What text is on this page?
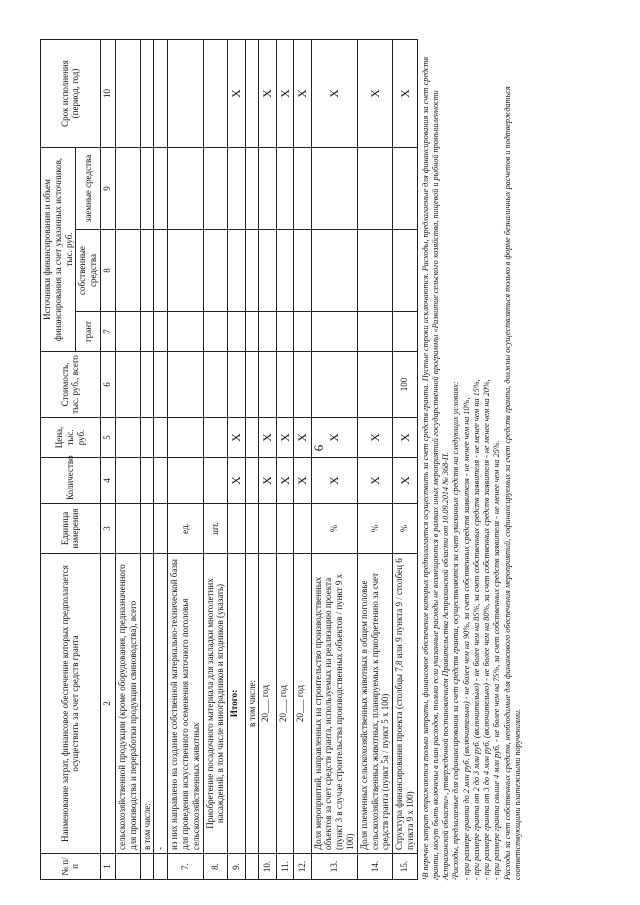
6
№ п/п	Наименование затрат, финансовое обеспечение которых предполагается осуществить за счет средств гранта	Единица измерения	Количество	Цена, тыс. руб.	Стоимость, тыс. руб., всего	Источники финансирования и объем финансирования за счет указанных источников, тыс. руб.			Срок исполнения (период, год)
						грант	собственные средства	заемные средства	
1	2	3	4	5	6	7	8	9	10
	сельскохозяйственной продукции (кроме оборудования, предназначенного для производства и переработки продукции свиноводства), всего								
	в том числе:								
	-								
7.	из них направлено на создание собственной материально-технической базы для проведения искусственного осеменения маточного поголовья сельскохозяйственных животных	ед.							
8.	Приобретение посадочного материала для закладки многолетних насаждений, в том числе виноградников и ягодников (указать)	шт.							
9.	Итого:		X	X					X
	в том числе:								
10.	20___ год		X	X					X
11.	20___ год		X	X					X
12.	20___ год		X	X					X
13.	Доля мероприятий, направленных на строительство производственных объектов за счет средств гранта, используемых на реализацию проекта (пункт 3 в случае строительства производственных объектов / пункт 9 x 100)	%	X	X					X
14.	Доля племенных сельскохозяйственных животных в общем поголовье сельскохозяйственных животных, планируемых к приобретению за счет средств гранта (пункт 5а / пункт 5 x 100)	%	X	X					X
15.	Структура финансирования проекта (столбцы 7,8 или 9 пункта 9 / столбец 6 пункта 9 x 100)	%	X	X	100				X ¹В перечне затрат отражаются только затраты, финансовое обеспечение которых предполагается осуществить за счет средств гранта. Пустые строки исключаются. Расходы, предлагаемые для финансирования за счет средств гранта, могут быть включены в план расходов, только если указанные расходы не возмещаются в рамках иных мероприятий государственной программы «Развитие сельского хозяйства, пищевой и рыбной промышленности Астраханской области», утвержденной постановлением Правительства Астраханской области от 10.09.2014 № 368-П. ²Расходы, предлагаемые для софинансирования за счет средств гранта, осуществляются за счет указанных средств на следующих условиях: - при размере гранта до 2 млн руб. (включительно) - не более чем на 90%, за счет собственных средств заявителя - не менее чем на 10%, - при размере гранта от 2 до 3 млн руб. (включительно) - не более чем на 85%, за счет собственных средств заявителя - не менее чем на 15%, - при размере гранта от 3 до 4 млн руб. (включительно) - не более чем на 80%, за счет собственных средств заявителя - не менее чем на 20%, - при размере гранта свыше 4 млн руб. - не более чем на 75%, за счет собственных средств заявителя - не менее чем на 25%. Расходы за счет собственных средств, необходимые для финансового обеспечения мероприятий, софинансируемых за счет средств гранта, должны осуществляться только в форме безналичных расчетов и подтверждаться соответствующими платежными поручениями.
